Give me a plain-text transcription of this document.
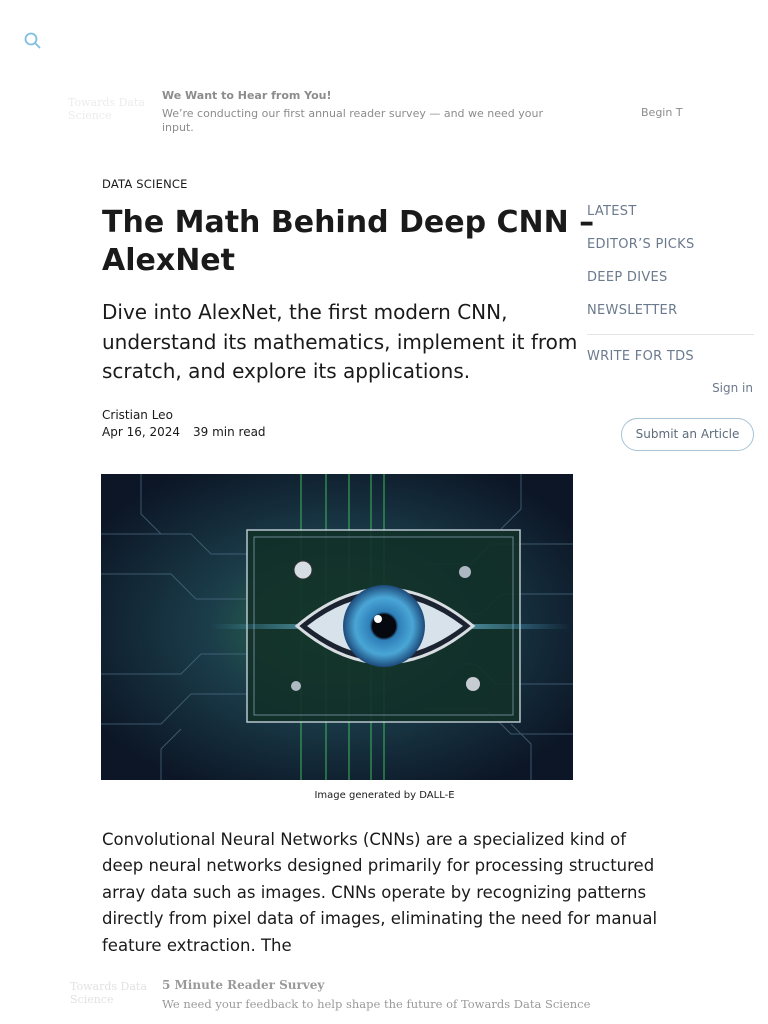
Towards Data Science
We Want to Hear from You!
We’re conducting our first annual reader survey — and we need your input.
Begin T
DATA SCIENCE
The Math Behind Deep CNN – AlexNet

Dive into AlexNet, the first modern CNN, understand its mathematics, implement it from scratch, and explore its applications.

Cristian Leo
Apr 16, 2024 39 min read
Image generated by DALL-E

Convolutional Neural Networks (CNNs) are a specialized kind of deep neural networks designed primarily for processing structured array data such as images. CNNs operate by recognizing patterns directly from pixel data of images, eliminating the need for manual feature extraction. The

LATEST
EDITOR’S PICKS
DEEP DIVES
NEWSLETTER
WRITE FOR TDS
Sign in
Submit an Article
Towards Data Science
5 Minute Reader Survey
We need your feedback to help shape the future of Towards Data Science
